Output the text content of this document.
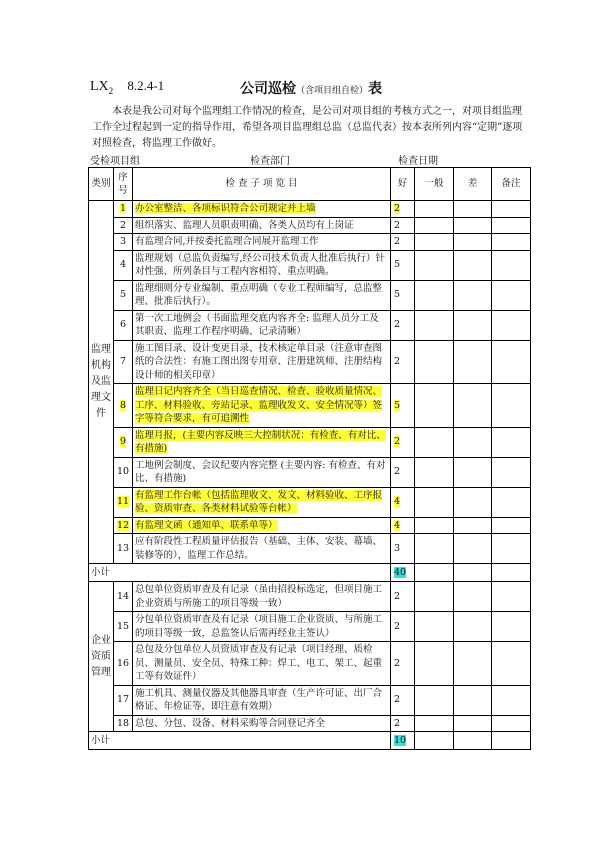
$LX_2$ 8.2.4-1	公司巡检（含项目组自检）表
本表是我公司对每个监理组工作情况的检查，是公司对项目组的考核方式之一，对项目组监理工作全过程起到一定的指导作用，希望各项目监理组总监（总监代表）按本表所列内容“定期”逐项对照检查，将监理工作做好。
受检项目组	检查部门	检查日期
类别	序号	检 查 子 项 览 目	好	一般	差	备注
监理机构及监理文件	1	办公室整洁、各项标识符合公司规定并上墙	2			
	2	组织落实、监理人员职责明确、各类人员均有上岗证	2			
	3	有监理合同,并按委托监理合同展开监理工作	2			
	4	监理规划（总监负责编写,经公司技术负责人批准后执行）针对性强、所列条目与工程内容相符、重点明确。	5			
	5	监理细则分专业编制、重点明确（专业工程师编写，总监整理、批准后执行）。	5			
	6	第一次工地例会（书面监理交底内容齐全: 监理人员分工及其职责、监理工作程序明确、记录清晰）	2			
	7	施工图目录、设计变更目录、技术核定单目录（注意审查图纸的合法性：有施工图出图专用章、注册建筑师、注册结构设计师的相关印章）	2			
	8	监理日记内容齐全（当日巡查情况、检查、验收质量情况、工序、材料验收、旁站记录、监理收发文、安全情况等）签字等符合要求，有可追溯性	5			
	9	监理月报，(主要内容反映三大控制状况：有检查、有对比、有措施)	2			
	10	工地例会制度、会议纪要内容完整 (主要内容: 有检查、有对比、有措施)	2			
	11	有监理工作台帐（包括监理收文、发文、材料验收、工序报验、资质审查、各类材料试验等台帐）	4			
	12	有监理文函（通知单、联系单等）	4			
	13	应有阶段性工程质量评估报告（基础、主体、安装、幕墙、装修等的），监理工作总结。	3			
小计			40			
企业资质管理	14	总包单位资质审查及有记录（虽由招投标选定，但项目施工企业资质与所施工的项目等级一致）	2			
	15	分包单位资质审查及有记录（项目施工企业资质、与所施工的项目等级一致，总监签认后需再经业主签认）	2			
	16	总包及分包单位人员资质审查及有记录（项目经理、质检员、测量员、安全员、特殊工种：焊工、电工、架工、起重工等有效证件）	2			
	17	施工机具、测量仪器及其他器具审查（生产许可证、出厂合格证、年检证等，即注意有效期）	2			
	18	总包、分包、设备、材料采购等合同登记齐全	2			
小计			10			
